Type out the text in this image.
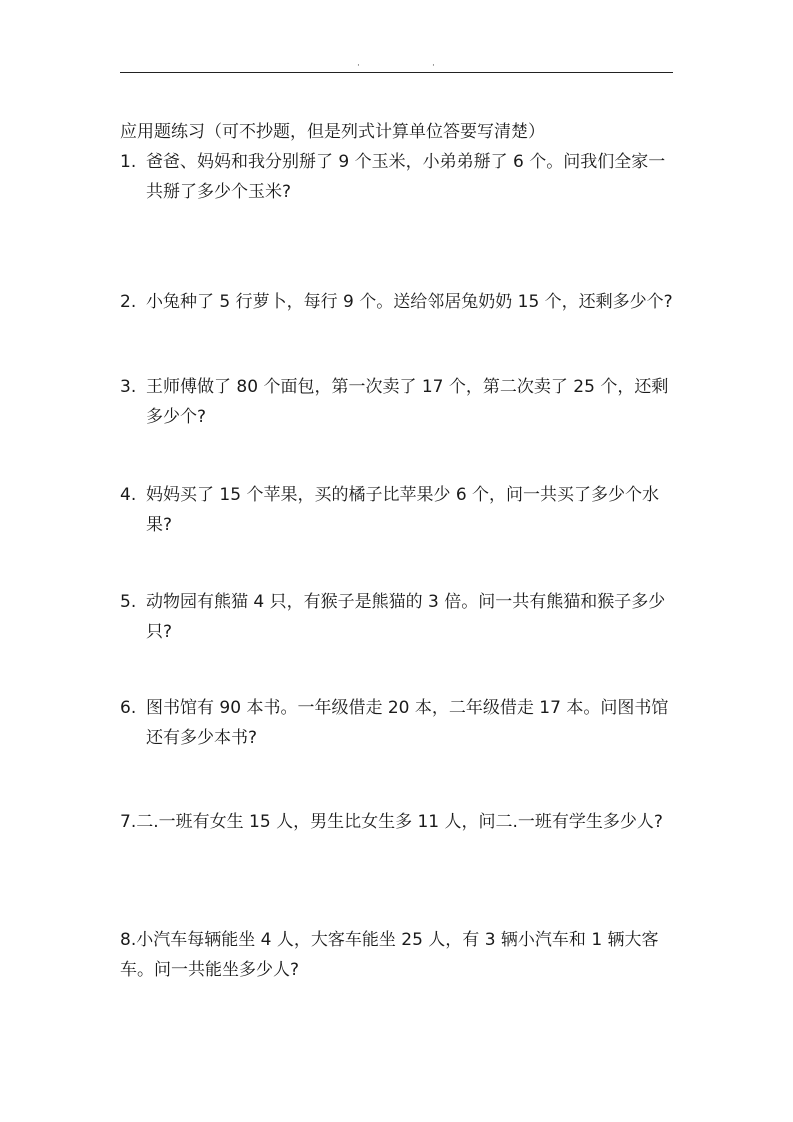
·	·
应用题练习（可不抄题，但是列式计算单位答要写清楚）
1. 爸爸、妈妈和我分别掰了 9 个玉米，小弟弟掰了 6 个。问我们全家一共掰了多少个玉米?
2. 小兔种了 5 行萝卜，每行 9 个。送给邻居兔奶奶 15 个，还剩多少个?
3. 王师傅做了 80 个面包，第一次卖了 17 个，第二次卖了 25 个，还剩多少个?
4. 妈妈买了 15 个苹果，买的橘子比苹果少 6 个，问一共买了多少个水果?
5. 动物园有熊猫 4 只，有猴子是熊猫的 3 倍。问一共有熊猫和猴子多少只?
6. 图书馆有 90 本书。一年级借走 20 本，二年级借走 17 本。问图书馆还有多少本书?
7.二.一班有女生 15 人，男生比女生多 11 人，问二.一班有学生多少人?
8.小汽车每辆能坐 4 人，大客车能坐 25 人，有 3 辆小汽车和 1 辆大客车。问一共能坐多少人?
